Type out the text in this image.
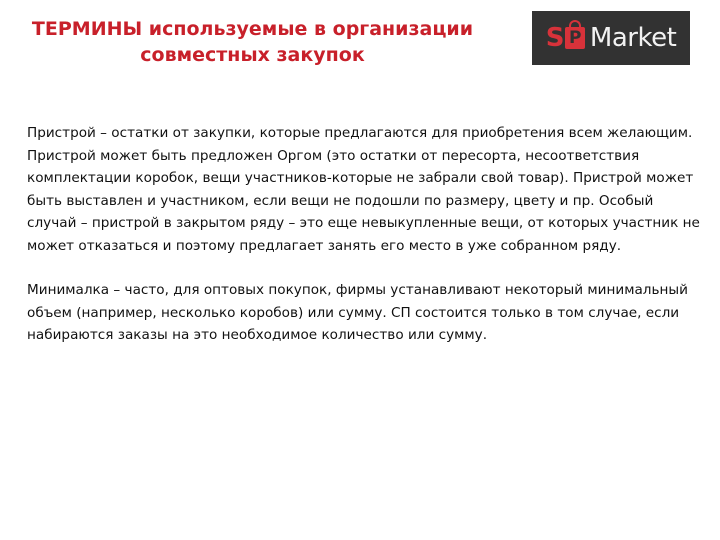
ТЕРМИНЫ используемые в организации
совместных закупок
S P Market

Пристрой – остатки от закупки, которые предлагаются для приобретения всем желающим. Пристрой может быть предложен Оргом (это остатки от пересорта, несоответствия комплектации коробок, вещи участников-которые не забрали свой товар). Пристрой может быть выставлен и участником, если вещи не подошли по размеру, цвету и пр. Особый случай – пристрой в закрытом ряду – это еще невыкупленные вещи, от которых участник не может отказаться и поэтому предлагает занять его место в уже собранном ряду.

Минималка – часто, для оптовых покупок, фирмы устанавливают некоторый минимальный объем (например, несколько коробов) или сумму. СП состоится только в том случае, если набираются заказы на это необходимое количество или сумму.
